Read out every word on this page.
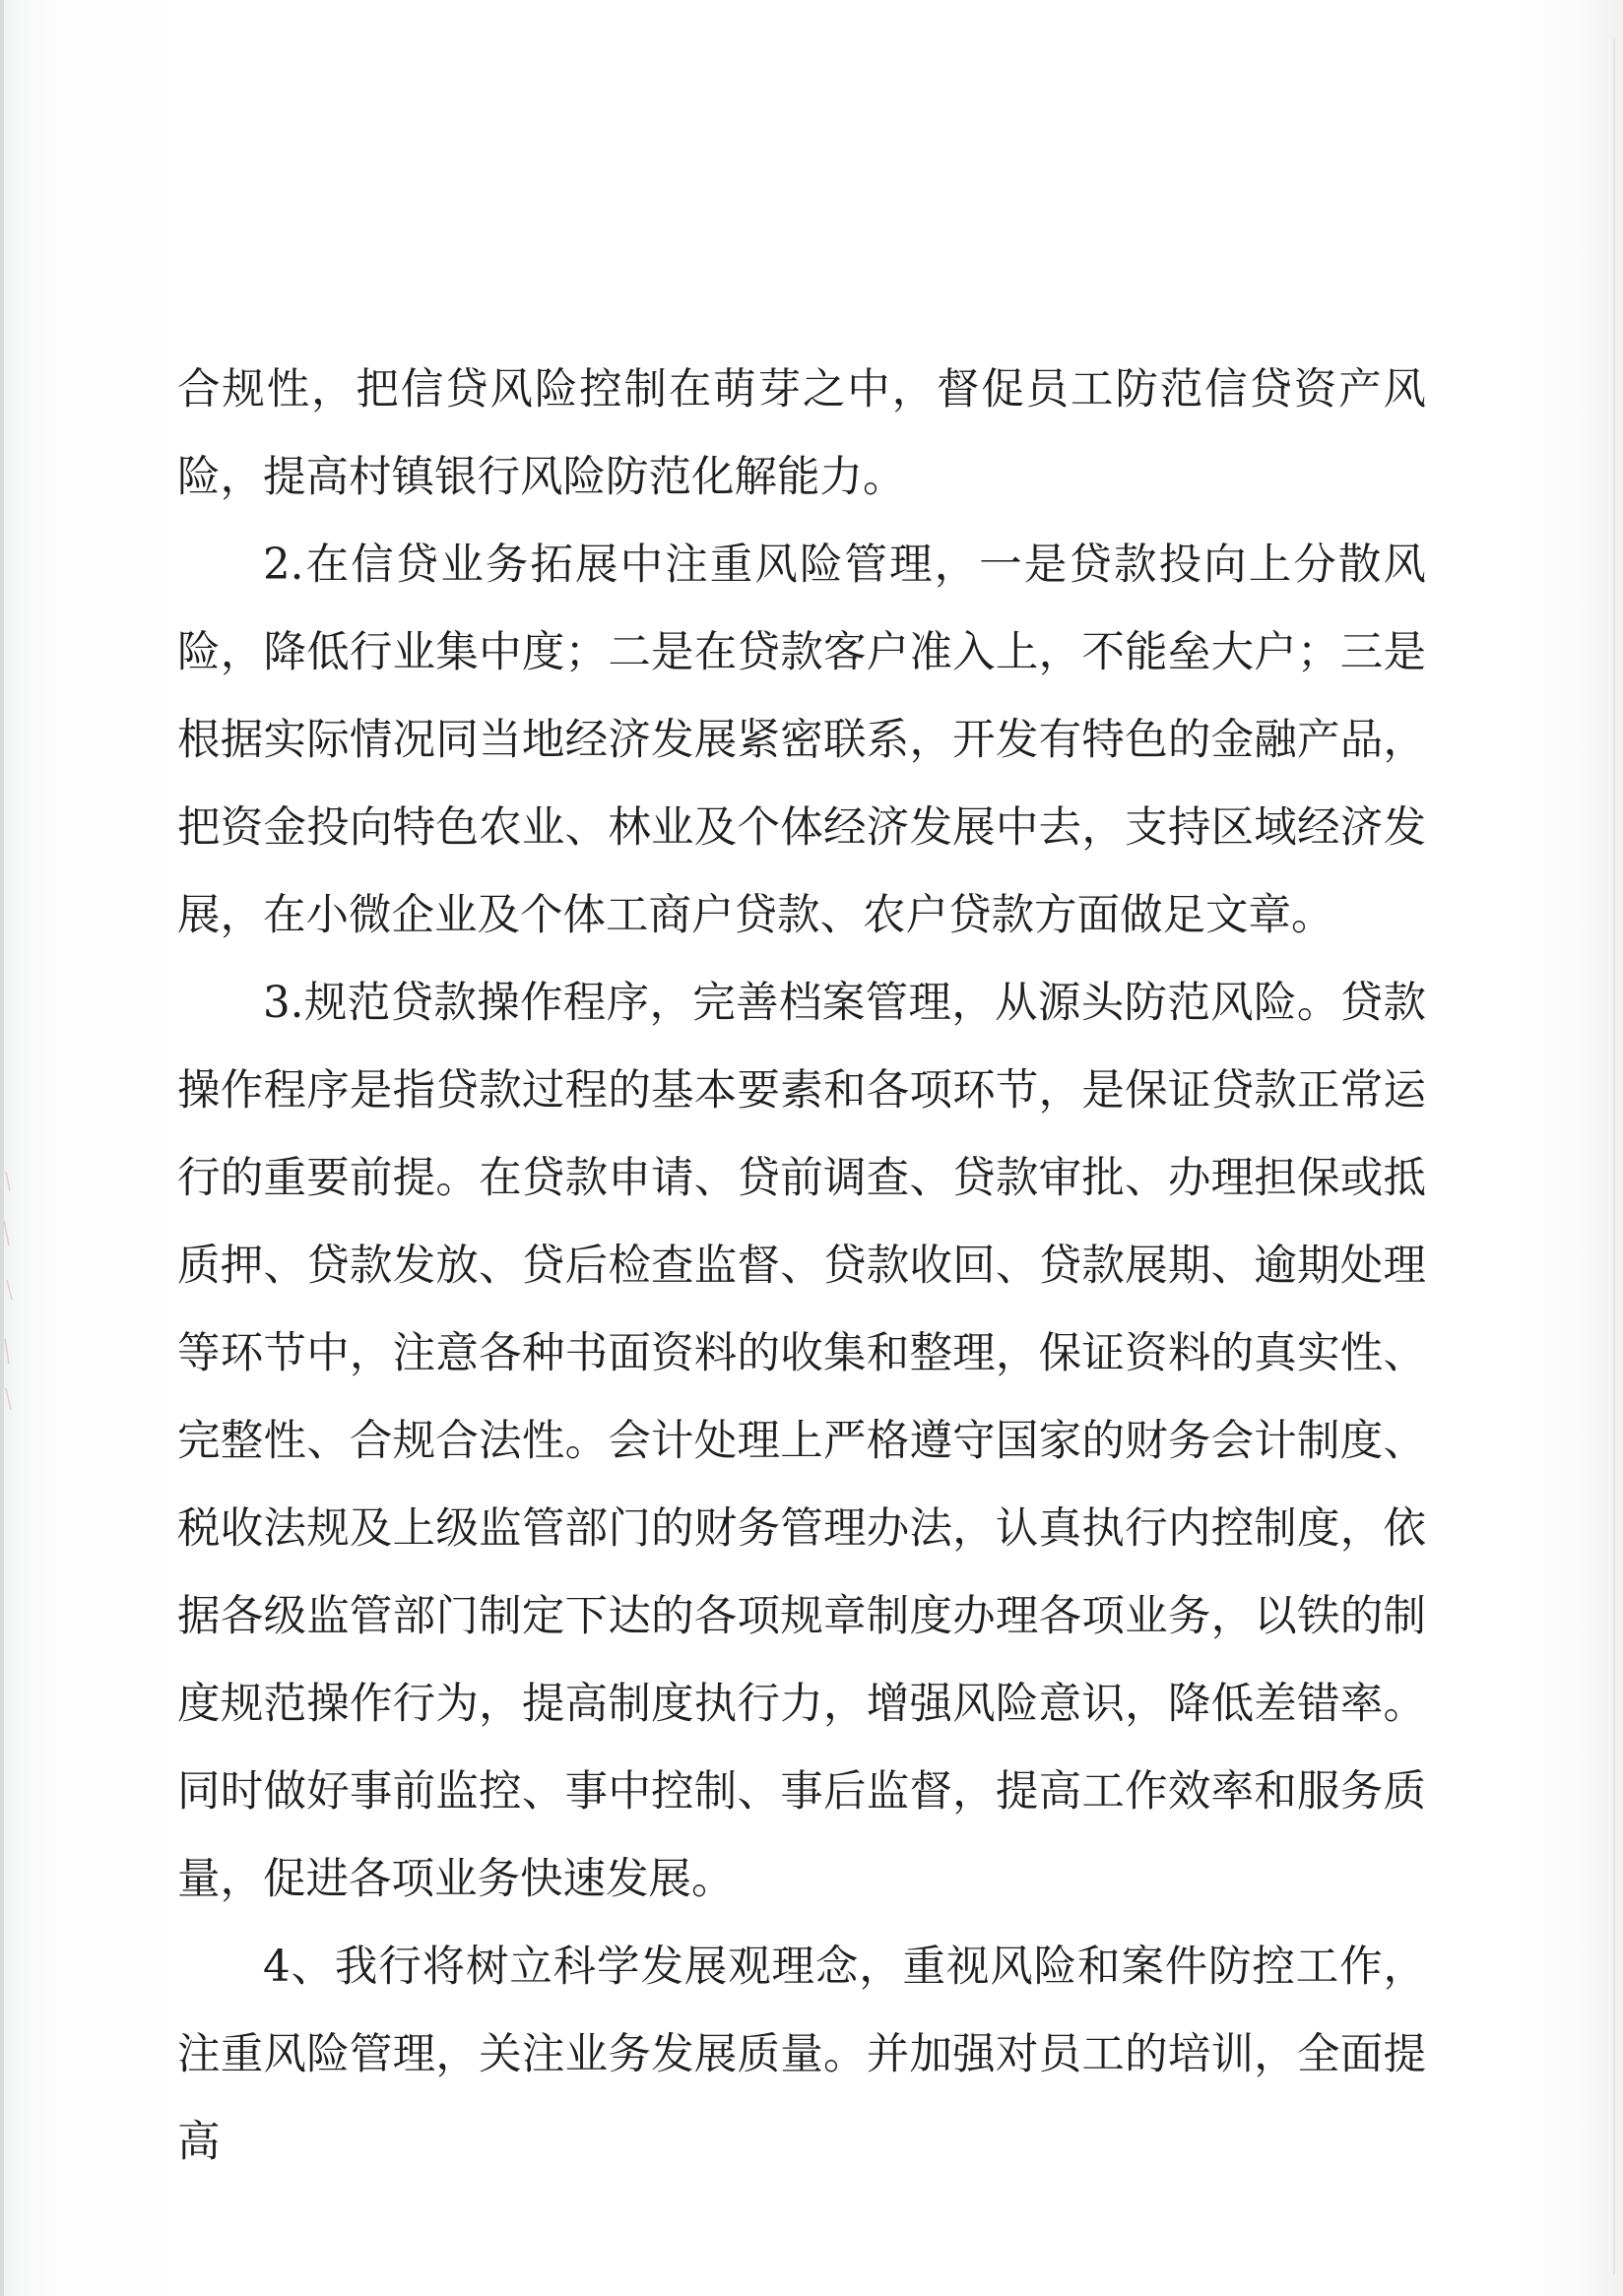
合规性，把信贷风险控制在萌芽之中，督促员工防范信贷资产风险，提高村镇银行风险防范化解能力。

2.在信贷业务拓展中注重风险管理，一是贷款投向上分散风险，降低行业集中度；二是在贷款客户准入上，不能垒大户；三是根据实际情况同当地经济发展紧密联系，开发有特色的金融产品，把资金投向特色农业、林业及个体经济发展中去，支持区域经济发展，在小微企业及个体工商户贷款、农户贷款方面做足文章。

3.规范贷款操作程序，完善档案管理，从源头防范风险。贷款操作程序是指贷款过程的基本要素和各项环节，是保证贷款正常运行的重要前提。在贷款申请、贷前调查、贷款审批、办理担保或抵质押、贷款发放、贷后检查监督、贷款收回、贷款展期、逾期处理等环节中，注意各种书面资料的收集和整理，保证资料的真实性、完整性、合规合法性。会计处理上严格遵守国家的财务会计制度、税收法规及上级监管部门的财务管理办法，认真执行内控制度，依据各级监管部门制定下达的各项规章制度办理各项业务，以铁的制度规范操作行为，提高制度执行力，增强风险意识，降低差错率。同时做好事前监控、事中控制、事后监督，提高工作效率和服务质量，促进各项业务快速发展。

4、我行将树立科学发展观理念，重视风险和案件防控工作，注重风险管理，关注业务发展质量。并加强对员工的培训，全面提高
